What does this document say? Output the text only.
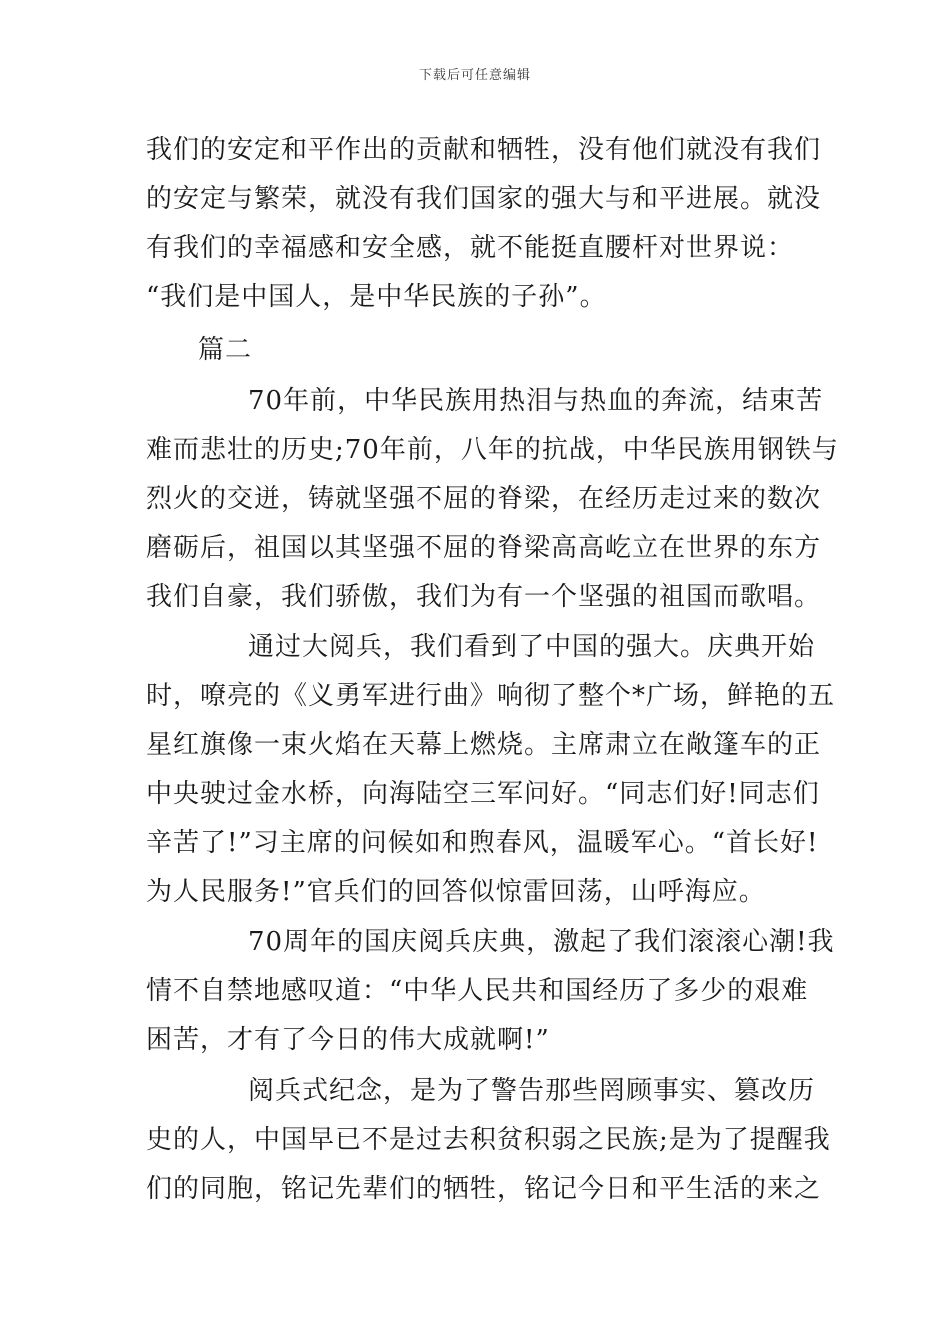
下载后可任意编辑
我们的安定和平作出的贡献和牺牲，没有他们就没有我们
的安定与繁荣，就没有我们国家的强大与和平进展。就没
有我们的幸福感和安全感，就不能挺直腰杆对世界说：
“我们是中国人，是中华民族的子孙”。
篇二
70年前，中华民族用热泪与热血的奔流，结束苦
难而悲壮的历史;70年前，八年的抗战，中华民族用钢铁与
烈火的交迸，铸就坚强不屈的脊梁，在经历走过来的数次
磨砺后，祖国以其坚强不屈的脊梁高高屹立在世界的东方
我们自豪，我们骄傲，我们为有一个坚强的祖国而歌唱。
通过大阅兵，我们看到了中国的强大。庆典开始
时，嘹亮的《义勇军进行曲》响彻了整个*广场，鲜艳的五
星红旗像一束火焰在天幕上燃烧。主席肃立在敞篷车的正
中央驶过金水桥，向海陆空三军问好。“同志们好!同志们
辛苦了!”习主席的问候如和煦春风，温暖军心。“首长好!
为人民服务!”官兵们的回答似惊雷回荡，山呼海应。
70周年的国庆阅兵庆典，激起了我们滚滚心潮!我
情不自禁地感叹道：“中华人民共和国经历了多少的艰难
困苦，才有了今日的伟大成就啊!”
阅兵式纪念，是为了警告那些罔顾事实、篡改历
史的人，中国早已不是过去积贫积弱之民族;是为了提醒我
们的同胞，铭记先辈们的牺牲，铭记今日和平生活的来之
